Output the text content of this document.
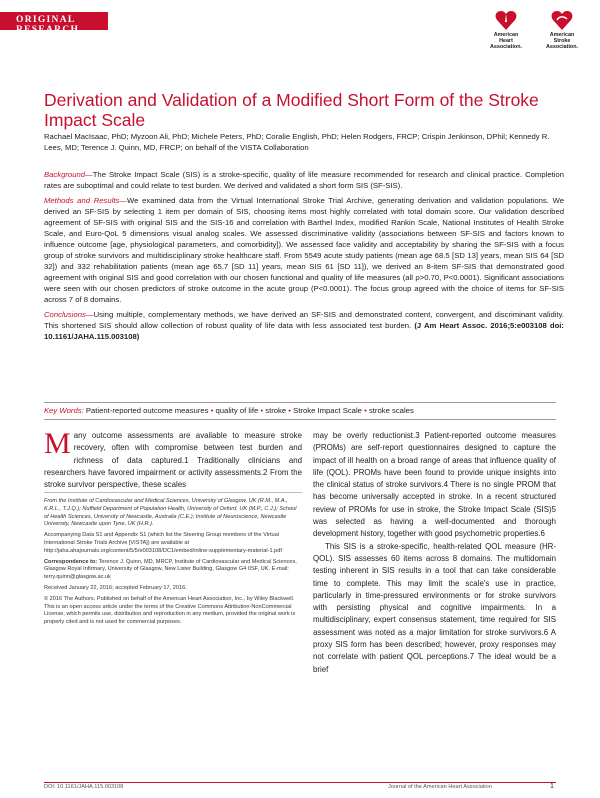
ORIGINAL RESEARCH	American
Heart
Association.
American
Stroke
Association.
Derivation and Validation of a Modified Short Form of the Stroke Impact Scale
Rachael MacIsaac, PhD; Myzoon Ali, PhD; Michele Peters, PhD; Coralie English, PhD; Helen Rodgers, FRCP; Crispin Jenkinson, DPhil; Kennedy R. Lees, MD; Terence J. Quinn, MD, FRCP; on behalf of the VISTA Collaboration

Background—The Stroke Impact Scale (SIS) is a stroke-specific, quality of life measure recommended for research and clinical practice. Completion rates are suboptimal and could relate to test burden. We derived and validated a short form SIS (SF-SIS).

Methods and Results—We examined data from the Virtual International Stroke Trial Archive, generating derivation and validation populations. We derived an SF-SIS by selecting 1 item per domain of SIS, choosing items most highly correlated with total domain score. Our validation described agreement of SF-SIS with original SIS and the SIS-16 and correlation with Barthel Index, modified Rankin Scale, National Institutes of Health Stroke Scale, and Euro-QoL 5 dimensions visual analog scales. We assessed discriminative validity (associations between SF-SIS and factors known to influence outcome [age, physiological parameters, and comorbidity]). We assessed face validity and acceptability by sharing the SF-SIS with a focus group of stroke survivors and multidisciplinary stroke healthcare staff. From 5549 acute study patients (mean age 68.5 [SD 13] years, mean SIS 64 [SD 32]) and 332 rehabilitation patients (mean age 65.7 [SD 11] years, mean SIS 61 [SD 11]), we derived an 8-item SF-SIS that demonstrated good agreement with original SIS and good correlation with our chosen functional and quality of life measures (all ρ>0.70, P<0.0001). Significant associations were seen with our chosen predictors of stroke outcome in the acute group (P<0.0001). The focus group agreed with the choice of items for SF-SIS across 7 of 8 domains.

Conclusions—Using multiple, complementary methods, we have derived an SF-SIS and demonstrated content, convergent, and discriminant validity. This shortened SIS should allow collection of robust quality of life data with less associated test burden. (J Am Heart Assoc. 2016;5:e003108 doi: 10.1161/JAHA.115.003108)

Key Words: Patient-reported outcome measures • quality of life • stroke • Stroke Impact Scale • stroke scales

Many outcome assessments are available to measure stroke recovery, often with compromise between test burden and richness of data captured.1 Traditionally clinicians and researchers have favored impairment or activity assessments.2 From the stroke survivor perspective, these scales

From the Institute of Cardiovascular and Medical Sciences, University of Glasgow, UK (R.M., M.A., K.R.L., T.J.Q.); Nuffield Department of Population Health, University of Oxford, UK (M.P., C.J.); School of Health Sciences, University of Newcastle, Australia (C.E.); Institute of Neuroscience, Newcastle University, Newcastle upon Tyne, UK (H.R.).

Accompanying Data S1 and Appendix S1 (which list the Steering Group members of the Virtual International Stroke Trials Archive [VISTA]) are available at http://jaha.ahajournals.org/content/5/5/e003108/DC1/embed/inline-supplementary-material-1.pdf

Correspondence to: Terence J. Quinn, MD, MRCP, Institute of Cardiovascular and Medical Sciences, Glasgow Royal Infirmary, University of Glasgow, New Lister Building, Glasgow G4 0SF, UK. E-mail: terry.quinn@glasgow.ac.uk

Received January 22, 2016; accepted February 17, 2016.

© 2016 The Authors. Published on behalf of the American Heart Association, Inc., by Wiley Blackwell. This is an open access article under the terms of the Creative Commons Attribution-NonCommercial License, which permits use, distribution and reproduction in any medium, provided the original work is properly cited and is not used for commercial purposes.

may be overly reductionist.3 Patient-reported outcome measures (PROMs) are self-report questionnaires designed to capture the impact of ill health on a broad range of areas that influence quality of life (QOL). PROMs have been found to provide unique insights into the clinical status of stroke survivors.4 There is no single PROM that has become universally accepted in stroke. In a recent structured review of PROMs for use in stroke, the Stroke Impact Scale (SIS)5 was selected as having a well-documented and thorough development history, together with good psychometric properties.6

This SIS is a stroke-specific, health-related QOL measure (HR-QOL). SIS assesses 60 items across 8 domains. The multidomain testing inherent in SIS results in a tool that can take considerable time to complete. This may limit the scale's use in practice, particularly in time-pressured environments or for stroke survivors with persisting physical and cognitive impairments. In a multidisciplinary, expert consensus statement, time required for SIS assessment was noted as a major limitation for stroke survivors.6 A proxy SIS form has been described; however, proxy responses may not correlate with patient QOL perceptions.7 The ideal would be a brief

DOI: 10.1161/JAHA.115.003108	Journal of the American Heart Association	1
